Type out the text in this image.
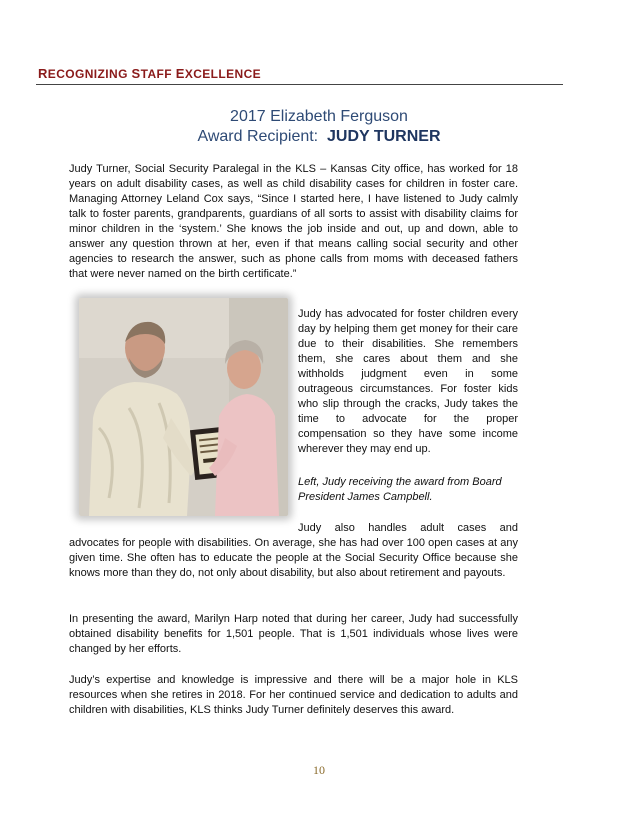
RECOGNIZING STAFF EXCELLENCE
2017 Elizabeth Ferguson
Award Recipient: JUDY TURNER

Judy Turner, Social Security Paralegal in the KLS – Kansas City office, has worked for 18 years on adult disability cases, as well as child disability cases for children in foster care. Managing Attorney Leland Cox says, “Since I started here, I have listened to Judy calmly talk to foster parents, grandparents, guardians of all sorts to assist with disability claims for minor children in the ‘system.’ She knows the job inside and out, up and down, able to answer any question thrown at her, even if that means calling social security and other agencies to research the answer, such as phone calls from moms with deceased fathers that were never named on the birth certificate.”

Judy has advocated for foster children every day by helping them get money for their care due to their disabilities. She remembers them, she cares about them and she withholds judgment even in some outrageous circumstances. For foster kids who slip through the cracks, Judy takes the time to advocate for the proper compensation so they have some income wherever they may end up.

Left, Judy receiving the award from Board President James Campbell.

Judy also handles adult cases and

advocates for people with disabilities. On average, she has had over 100 open cases at any given time. She often has to educate the people at the Social Security Office because she knows more than they do, not only about disability, but also about retirement and payouts.

In presenting the award, Marilyn Harp noted that during her career, Judy had successfully obtained disability benefits for 1,501 people. That is 1,501 individuals whose lives were changed by her efforts.

Judy’s expertise and knowledge is impressive and there will be a major hole in KLS resources when she retires in 2018. For her continued service and dedication to adults and children with disabilities, KLS thinks Judy Turner definitely deserves this award.

10
